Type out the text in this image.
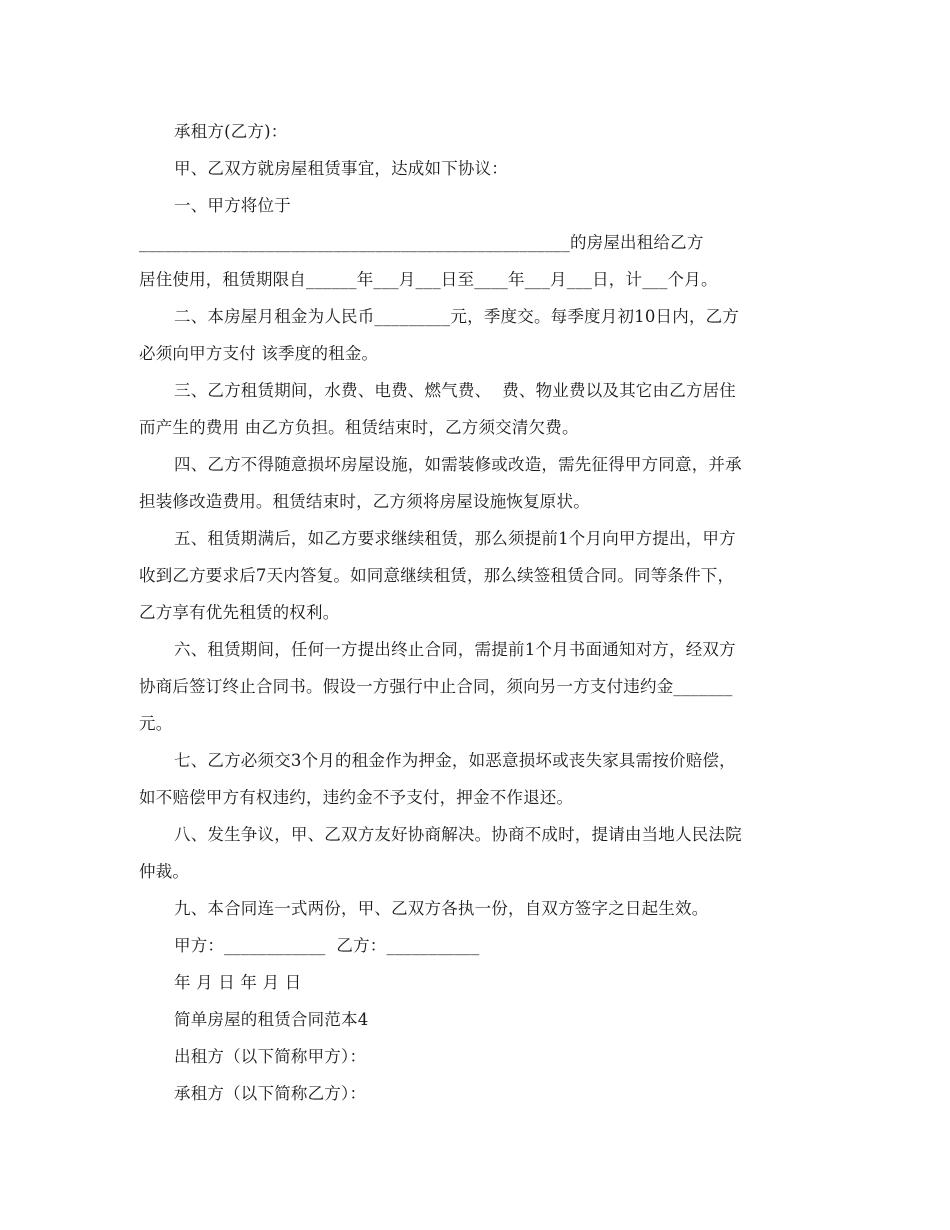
承租方(乙方)：
甲、乙双方就房屋租赁事宜，达成如下协议：
一、甲方将位于
___________________________________________________的房屋出租给乙方
居住使用，租赁期限自______年___月___日至____年___月___日，计___个月。
二、本房屋月租金为人民币_________元，季度交。每季度月初10日内，乙方
必须向甲方支付 该季度的租金。
三、乙方租赁期间，水费、电费、燃气费、  费、物业费以及其它由乙方居住
而产生的费用 由乙方负担。租赁结束时，乙方须交清欠费。
四、乙方不得随意损坏房屋设施，如需装修或改造，需先征得甲方同意，并承
担装修改造费用。租赁结束时，乙方须将房屋设施恢复原状。
五、租赁期满后，如乙方要求继续租赁，那么须提前1个月向甲方提出，甲方
收到乙方要求后7天内答复。如同意继续租赁，那么续签租赁合同。同等条件下，
乙方享有优先租赁的权利。
六、租赁期间，任何一方提出终止合同，需提前1个月书面通知对方，经双方
协商后签订终止合同书。假设一方强行中止合同，须向另一方支付违约金_______
元。
七、乙方必须交3个月的租金作为押金，如恶意损坏或丧失家具需按价赔偿，
如不赔偿甲方有权违约，违约金不予支付，押金不作退还。
八、发生争议，甲、乙双方友好协商解决。协商不成时，提请由当地人民法院
仲裁。
九、本合同连一式两份，甲、乙双方各执一份，自双方签字之日起生效。
甲方：____________  乙方：___________
年 月 日 年 月 日
简单房屋的租赁合同范本4
出租方（以下简称甲方）：
承租方（以下简称乙方）：
